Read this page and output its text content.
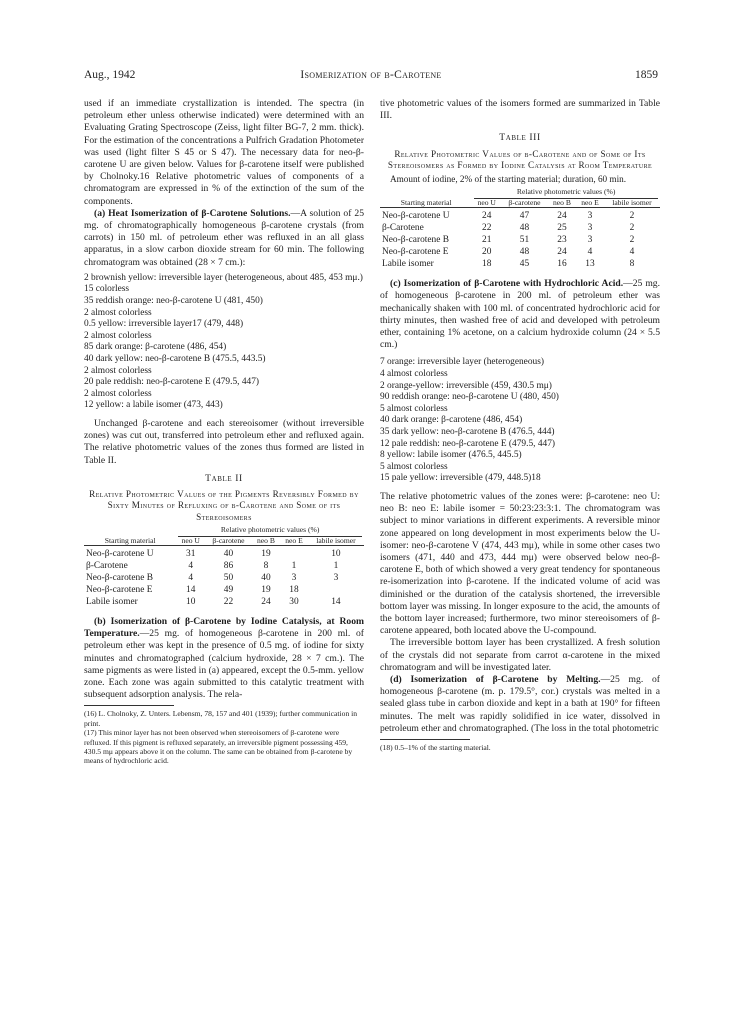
Aug., 1942	Isomerization of β-Carotene	1859

used if an immediate crystallization is intended. The spectra (in petroleum ether unless otherwise indicated) were determined with an Evaluating Grating Spectroscope (Zeiss, light filter BG-7, 2 mm. thick). For the estimation of the concentrations a Pulfrich Gradation Photometer was used (light filter S 45 or S 47). The necessary data for neo-β-carotene U are given below. Values for β-carotene itself were published by Cholnoky.16 Relative photometric values of components of a chromatogram are expressed in % of the extinction of the sum of the components.

(a) Heat Isomerization of β-Carotene Solutions.—A solution of 25 mg. of chromatographically homogeneous β-carotene crystals (from carrots) in 150 ml. of petroleum ether was refluxed in an all glass apparatus, in a slow carbon dioxide stream for 60 min. The following chromatogram was obtained (28 × 7 cm.):

2 brownish yellow: irreversible layer (heterogeneous, about 485, 453 mμ.)
15 colorless
35 reddish orange: neo-β-carotene U (481, 450)
2 almost colorless
0.5 yellow: irreversible layer17 (479, 448)
2 almost colorless
85 dark orange: β-carotene (486, 454)
40 dark yellow: neo-β-carotene B (475.5, 443.5)
2 almost colorless
20 pale reddish: neo-β-carotene E (479.5, 447)
2 almost colorless
12 yellow: a labile isomer (473, 443)

Unchanged β-carotene and each stereoisomer (without irreversible zones) was cut out, transferred into petroleum ether and refluxed again. The relative photometric values of the zones thus formed are listed in Table II.

Table II
Relative Photometric Values of the Pigments Reversibly Formed by Sixty Minutes of Refluxing of β-Carotene and Some of its Stereoisomers

	Relative photometric values (%)				

Starting material	neo U	β-carotene	neo B	neo E	labile isomer
Neo-β-carotene U	31	40	19		10
β-Carotene	4	86	8	1	1
Neo-β-carotene B	4	50	40	3	3
Neo-β-carotene E	14	49	19	18	
Labile isomer	10	22	24	30	14

(b) Isomerization of β-Carotene by Iodine Catalysis, at Room Temperature.—25 mg. of homogeneous β-carotene in 200 ml. of petroleum ether was kept in the presence of 0.5 mg. of iodine for sixty minutes and chromatographed (calcium hydroxide, 28 × 7 cm.). The same pigments as were listed in (a) appeared, except the 0.5-mm. yellow zone. Each zone was again submitted to this catalytic treatment with subsequent adsorption analysis. The rela-

(16) L. Cholnoky, Z. Unters. Lebensm, 78, 157 and 401 (1939); further communication in print.
(17) This minor layer has not been observed when stereoisomers of β-carotene were refluxed. If this pigment is refluxed separately, an irreversible pigment possessing 459, 430.5 mμ appears above it on the column. The same can be obtained from β-carotene by means of hydrochloric acid.

tive photometric values of the isomers formed are summarized in Table III.

Table III
Relative Photometric Values of β-Carotene and of Some of Its Stereoisomers as Formed by Iodine Catalysis at Room Temperature
Amount of iodine, 2% of the starting material; duration, 60 min.

	Relative photometric values (%)				

Starting material	neo U	β-carotene	neo B	neo E	labile isomer
Neo-β-carotene U	24	47	24	3	2
β-Carotene	22	48	25	3	2
Neo-β-carotene B	21	51	23	3	2
Neo-β-carotene E	20	48	24	4	4
Labile isomer	18	45	16	13	8

(c) Isomerization of β-Carotene with Hydrochloric Acid.—25 mg. of homogeneous β-carotene in 200 ml. of petroleum ether was mechanically shaken with 100 ml. of concentrated hydrochloric acid for thirty minutes, then washed free of acid and developed with petroleum ether, containing 1% acetone, on a calcium hydroxide column (24 × 5.5 cm.)

7 orange: irreversible layer (heterogeneous)
4 almost colorless
2 orange-yellow: irreversible (459, 430.5 mμ)
90 reddish orange: neo-β-carotene U (480, 450)
5 almost colorless
40 dark orange: β-carotene (486, 454)
35 dark yellow: neo-β-carotene B (476.5, 444)
12 pale reddish: neo-β-carotene E (479.5, 447)
8 yellow: labile isomer (476.5, 445.5)
5 almost colorless
15 pale yellow: irreversible (479, 448.5)18

The relative photometric values of the zones were: β-carotene: neo U: neo B: neo E: labile isomer = 50:23:23:3:1. The chromatogram was subject to minor variations in different experiments. A reversible minor zone appeared on long development in most experiments below the U-isomer: neo-β-carotene V (474, 443 mμ), while in some other cases two isomers (471, 440 and 473, 444 mμ) were observed below neo-β-carotene E, both of which showed a very great tendency for spontaneous re-isomerization into β-carotene. If the indicated volume of acid was diminished or the duration of the catalysis shortened, the irreversible bottom layer was missing. In longer exposure to the acid, the amounts of the bottom layer increased; furthermore, two minor stereoisomers of β-carotene appeared, both located above the U-compound.

The irreversible bottom layer has been crystallized. A fresh solution of the crystals did not separate from carrot α-carotene in the mixed chromatogram and will be investigated later.

(d) Isomerization of β-Carotene by Melting.—25 mg. of homogeneous β-carotene (m. p. 179.5°, cor.) crystals was melted in a sealed glass tube in carbon dioxide and kept in a bath at 190° for fifteen minutes. The melt was rapidly solidified in ice water, dissolved in petroleum ether and chromatographed. (The loss in the total photometric

(18) 0.5–1% of the starting material.
